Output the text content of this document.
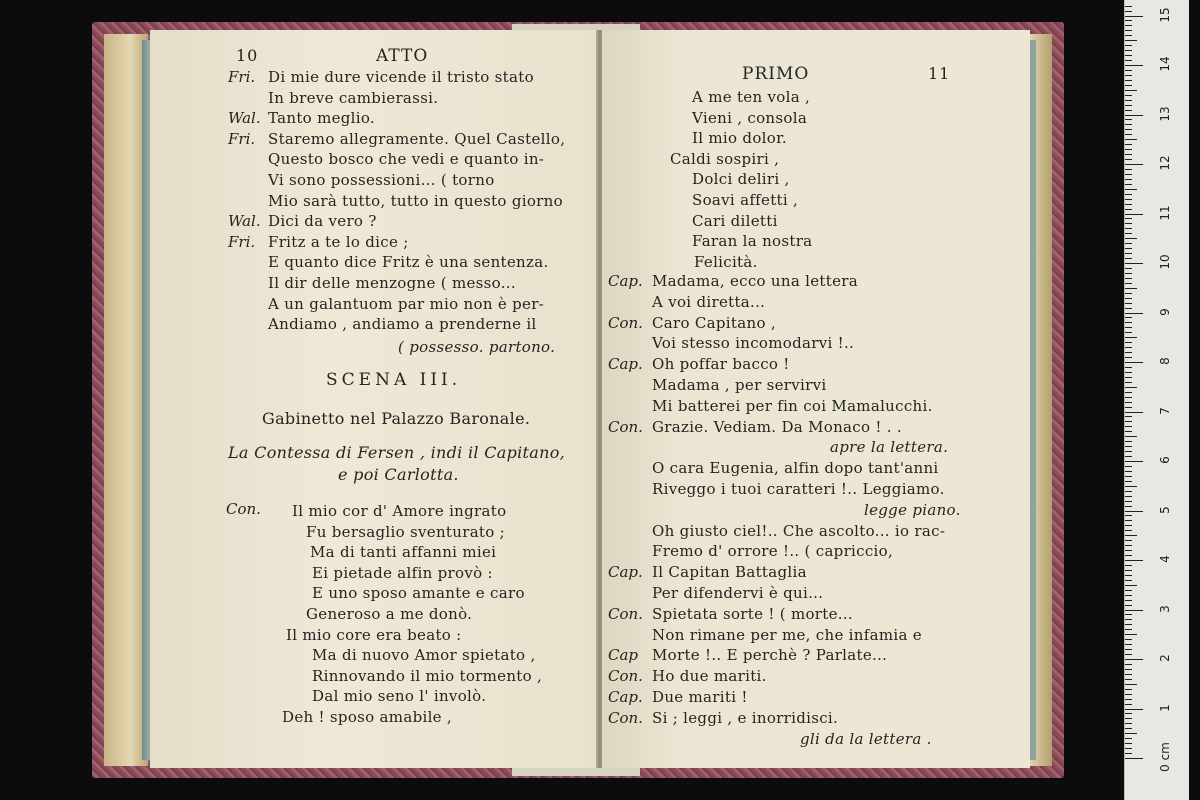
10	ATTO
Fri. Di mie dure vicende il tristo stato
In breve cambierassi.
Wal. Tanto meglio.
Fri. Staremo allegramente. Quel Castello,
Questo bosco che vedi e quanto in-
Vi sono possessioni... ( torno
Mio sarà tutto, tutto in questo giorno
Wal. Dici da vero ?
Fri. Fritz a te lo dice ;
E quanto dice Fritz è una sentenza.
Il dir delle menzogne ( messo...
A un galantuom par mio non è per-
Andiamo , andiamo a prenderne il
( possesso. partono.
SCENA III.
Gabinetto nel Palazzo Baronale.
La Contessa di Fersen , indi il Capitano,
e poi Carlotta.
Con. Il mio cor d' Amore ingrato
Fu bersaglio sventurato ;
Ma di tanti affanni miei
Ei pietade alfin provò :
E uno sposo amante e caro
Generoso a me donò.
Il mio core era beato :
Ma di nuovo Amor spietato ,
Rinnovando il mio tormento ,
Dal mio seno l' involò.
Deh ! sposo amabile ,
PRIMO	11
A me ten vola ,
Vieni , consola
Il mio dolor.
Caldi sospiri ,
Dolci deliri ,
Soavi affetti ,
Cari diletti
Faran la nostra
Felicità.
Cap. Madama, ecco una lettera
A voi diretta...
Con. Caro Capitano ,
Voi stesso incomodarvi !..
Cap. Oh poffar bacco !
Madama , per servirvi
Mi batterei per fin coi Mamalucchi.
Con. Grazie. Vediam. Da Monaco ! . .
apre la lettera.
O cara Eugenia, alfin dopo tant'anni
Riveggo i tuoi caratteri !.. Leggiamo.
legge piano.
Oh giusto ciel!.. Che ascolto... io rac-
Fremo d' orrore !.. ( capriccio,
Cap. Il Capitan Battaglia
Per difendervi è qui...
Con. Spietata sorte ! ( morte...
Non rimane per me, che infamia e
Cap Morte !.. E perchè ? Parlate...
Con. Ho due mariti.
Cap. Due mariti !
Con. Si ; leggi , e inorridisci.
gli da la lettera .
0 cm
1
2
3
4
5
6
7
8
9
10
11
12
13
14
15
